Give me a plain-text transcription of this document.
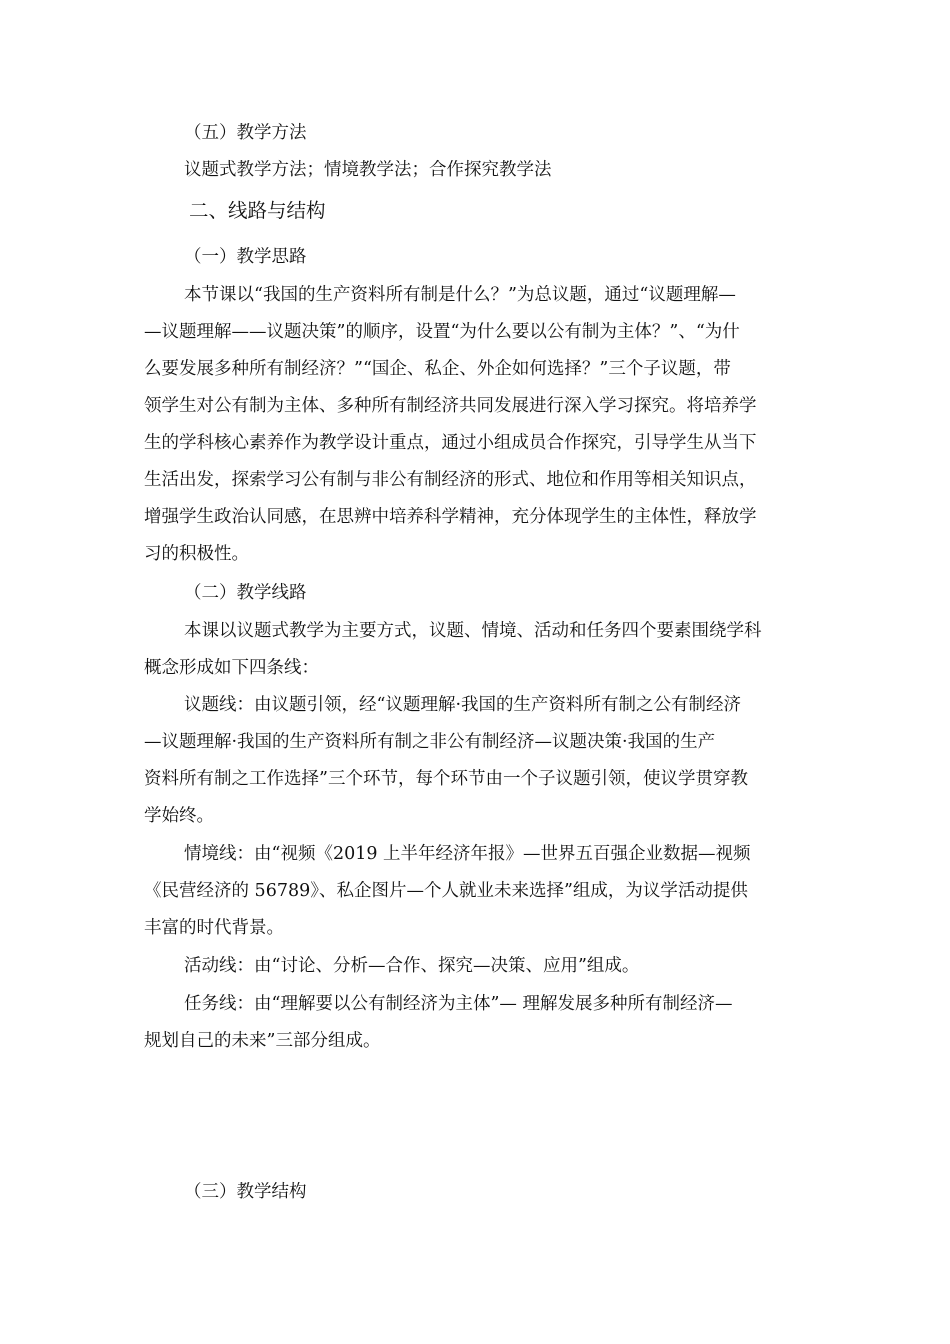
（五）教学方法
议题式教学方法；情境教学法；合作探究教学法
二、线路与结构
（一）教学思路
本节课以“我国的生产资料所有制是什么？”为总议题，通过“议题理解—
—议题理解——议题决策”的顺序，设置“为什么要以公有制为主体？”、“为什
么要发展多种所有制经济？”“国企、私企、外企如何选择？”三个子议题，带
领学生对公有制为主体、多种所有制经济共同发展进行深入学习探究。将培养学
生的学科核心素养作为教学设计重点，通过小组成员合作探究，引导学生从当下
生活出发，探索学习公有制与非公有制经济的形式、地位和作用等相关知识点，
增强学生政治认同感，在思辨中培养科学精神，充分体现学生的主体性，释放学
习的积极性。
（二）教学线路
本课以议题式教学为主要方式，议题、情境、活动和任务四个要素围绕学科
概念形成如下四条线：
议题线：由议题引领，经“议题理解·我国的生产资料所有制之公有制经济
—议题理解·我国的生产资料所有制之非公有制经济—议题决策·我国的生产
资料所有制之工作选择”三个环节，每个环节由一个子议题引领，使议学贯穿教
学始终。
情境线：由“视频《2019 上半年经济年报》—世界五百强企业数据—视频
《民营经济的 56789》、私企图片—个人就业未来选择”组成，为议学活动提供
丰富的时代背景。
活动线：由“讨论、分析—合作、探究—决策、应用”组成。
任务线：由“理解要以公有制经济为主体”— 理解发展多种所有制经济—
规划自己的未来”三部分组成。
（三）教学结构
